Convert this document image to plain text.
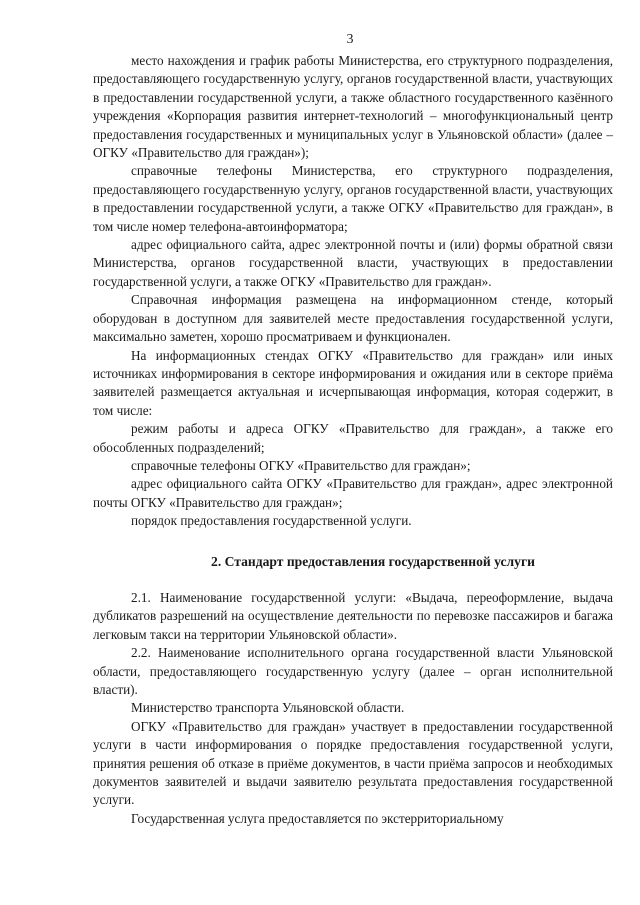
3

место нахождения и график работы Министерства, его структурного подразделения, предоставляющего государственную услугу, органов государственной власти, участвующих в предоставлении государственной услуги, а также областного государственного казённого учреждения «Корпорация развития интернет-технологий – многофункциональный центр предоставления государственных и муниципальных услуг в Ульяновской области» (далее – ОГКУ «Правительство для граждан»);

справочные телефоны Министерства, его структурного подразделения, предоставляющего государственную услугу, органов государственной власти, участвующих в предоставлении государственной услуги, а также ОГКУ «Правительство для граждан», в том числе номер телефона-автоинформатора;

адрес официального сайта, адрес электронной почты и (или) формы обратной связи Министерства, органов государственной власти, участвующих в предоставлении государственной услуги, а также ОГКУ «Правительство для граждан».

Справочная информация размещена на информационном стенде, который оборудован в доступном для заявителей месте предоставления государственной услуги, максимально заметен, хорошо просматриваем и функционален.

На информационных стендах ОГКУ «Правительство для граждан» или иных источниках информирования в секторе информирования и ожидания или в секторе приёма заявителей размещается актуальная и исчерпывающая информация, которая содержит, в том числе:

режим работы и адреса ОГКУ «Правительство для граждан», а также его обособленных подразделений;

справочные телефоны ОГКУ «Правительство для граждан»;

адрес официального сайта ОГКУ «Правительство для граждан», адрес электронной почты ОГКУ «Правительство для граждан»;

порядок предоставления государственной услуги.

2. Стандарт предоставления государственной услуги

2.1. Наименование государственной услуги: «Выдача, переоформление, выдача дубликатов разрешений на осуществление деятельности по перевозке пассажиров и багажа легковым такси на территории Ульяновской области».

2.2. Наименование исполнительного органа государственной власти Ульяновской области, предоставляющего государственную услугу (далее – орган исполнительной власти).

Министерство транспорта Ульяновской области.

ОГКУ «Правительство для граждан» участвует в предоставлении государственной услуги в части информирования о порядке предоставления государственной услуги, принятия решения об отказе в приёме документов, в части приёма запросов и необходимых документов заявителей и выдачи заявителю результата предоставления государственной услуги.

Государственная услуга предоставляется по экстерриториальному
